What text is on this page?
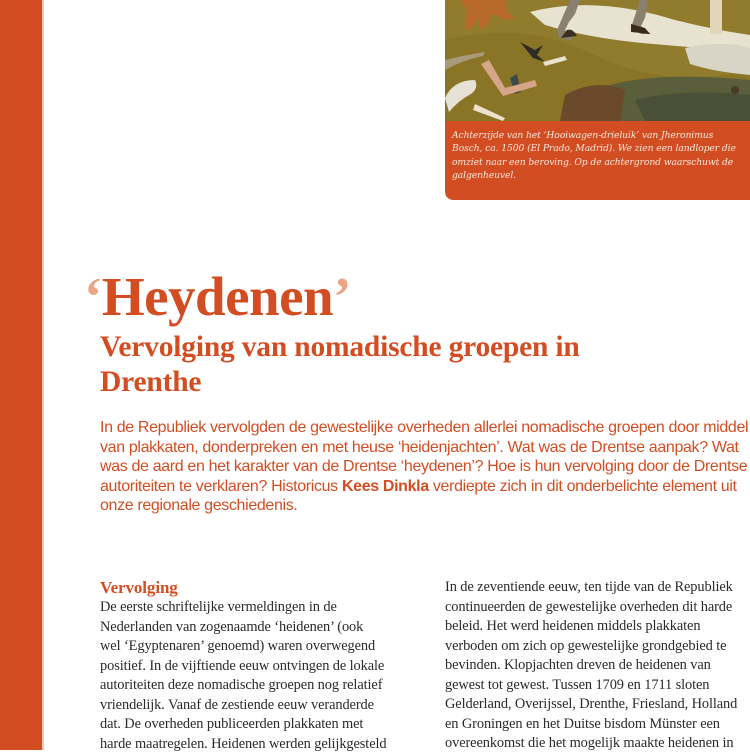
Achterzijde van het ‘Hooiwagen-drieluik’ van Jheronimus Bosch, ca. 1500 (El Prado, Madrid). We zien een landloper die omziet naar een beroving. Op de achtergrond waarschuwt de galgenheuvel.
‘Heydenen’
Vervolging van nomadische groepen in Drenthe
In de Republiek vervolgden de gewestelijke overheden allerlei nomadische groepen door middel van plakkaten, donderpreken en met heuse ‘heidenjachten’. Wat was de Drentse aanpak? Wat was de aard en het karakter van de Drentse ‘heydenen’? Hoe is hun vervolging door de Drentse autoriteiten te verklaren? Historicus Kees Dinkla verdiepte zich in dit onderbelichte element uit onze regionale geschiedenis.
Vervolging
De eerste schriftelijke vermeldingen in de
Nederlanden van zogenaamde ‘heidenen’ (ook
wel ‘Egyptenaren’ genoemd) waren overwegend
positief. In de vijftiende eeuw ontvingen de lokale
autoriteiten deze nomadische groepen nog relatief
vriendelijk. Vanaf de zestiende eeuw veranderde
dat. De overheden publiceerden plakkaten met
harde maatregelen. Heidenen werden gelijkgesteld
In de zeventiende eeuw, ten tijde van de Republiek
continueerden de gewestelijke overheden dit harde
beleid. Het werd heidenen middels plakkaten
verboden om zich op gewestelijke grondgebied te
bevinden. Klopjachten dreven de heidenen van
gewest tot gewest. Tussen 1709 en 1711 sloten
Gelderland, Overijssel, Drenthe, Friesland, Holland
en Groningen en het Duitse bisdom Münster een
overeenkomst die het mogelijk maakte heidenen in
